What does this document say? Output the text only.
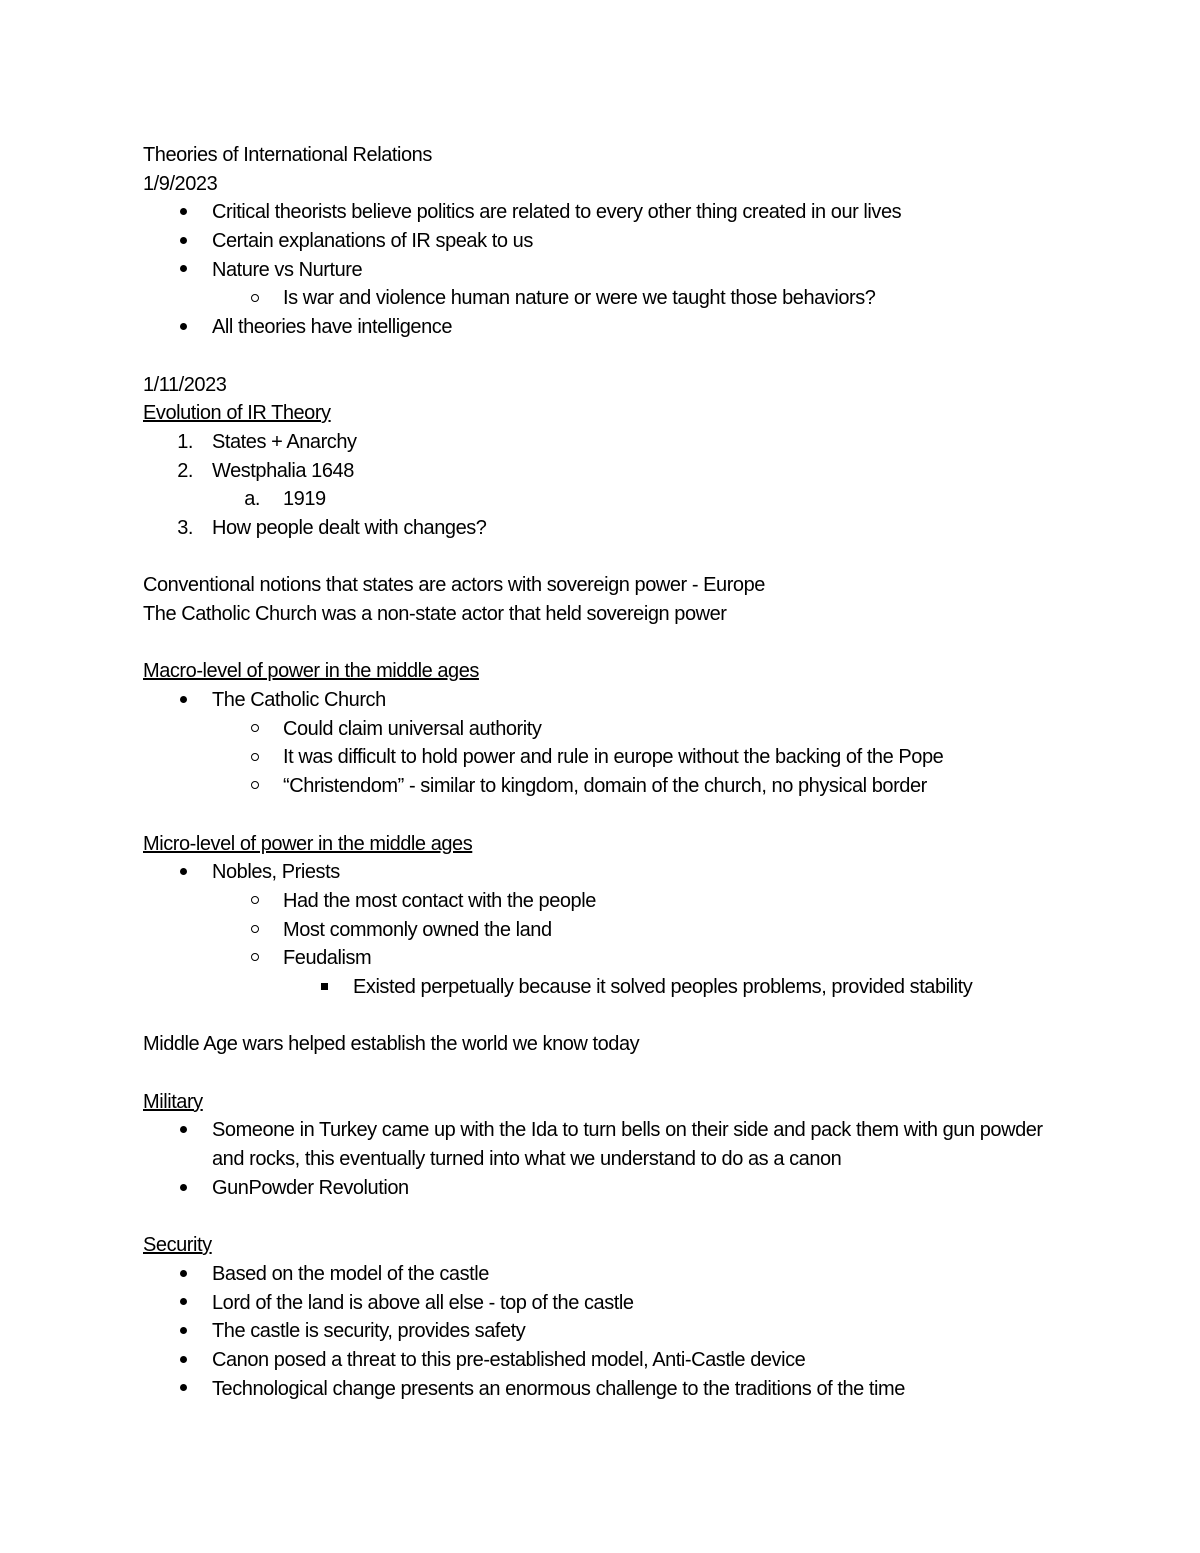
Theories of International Relations
1/9/2023
Critical theorists believe politics are related to every other thing created in our lives
Certain explanations of IR speak to us
Nature vs Nurture
Is war and violence human nature or were we taught those behaviors?
All theories have intelligence
1/11/2023
Evolution of IR Theory
1. States + Anarchy
2. Westphalia 1648
a. 1919
3. How people dealt with changes?
Conventional notions that states are actors with sovereign power - Europe
The Catholic Church was a non-state actor that held sovereign power
Macro-level of power in the middle ages
The Catholic Church
Could claim universal authority
It was difficult to hold power and rule in europe without the backing of the Pope
“Christendom” - similar to kingdom, domain of the church, no physical border
Micro-level of power in the middle ages
Nobles, Priests
Had the most contact with the people
Most commonly owned the land
Feudalism
Existed perpetually because it solved peoples problems, provided stability
Middle Age wars helped establish the world we know today
Military
Someone in Turkey came up with the Ida to turn bells on their side and pack them with gun powder and rocks, this eventually turned into what we understand to do as a canon
GunPowder Revolution
Security
Based on the model of the castle
Lord of the land is above all else - top of the castle
The castle is security, provides safety
Canon posed a threat to this pre-established model, Anti-Castle device
Technological change presents an enormous challenge to the traditions of the time
